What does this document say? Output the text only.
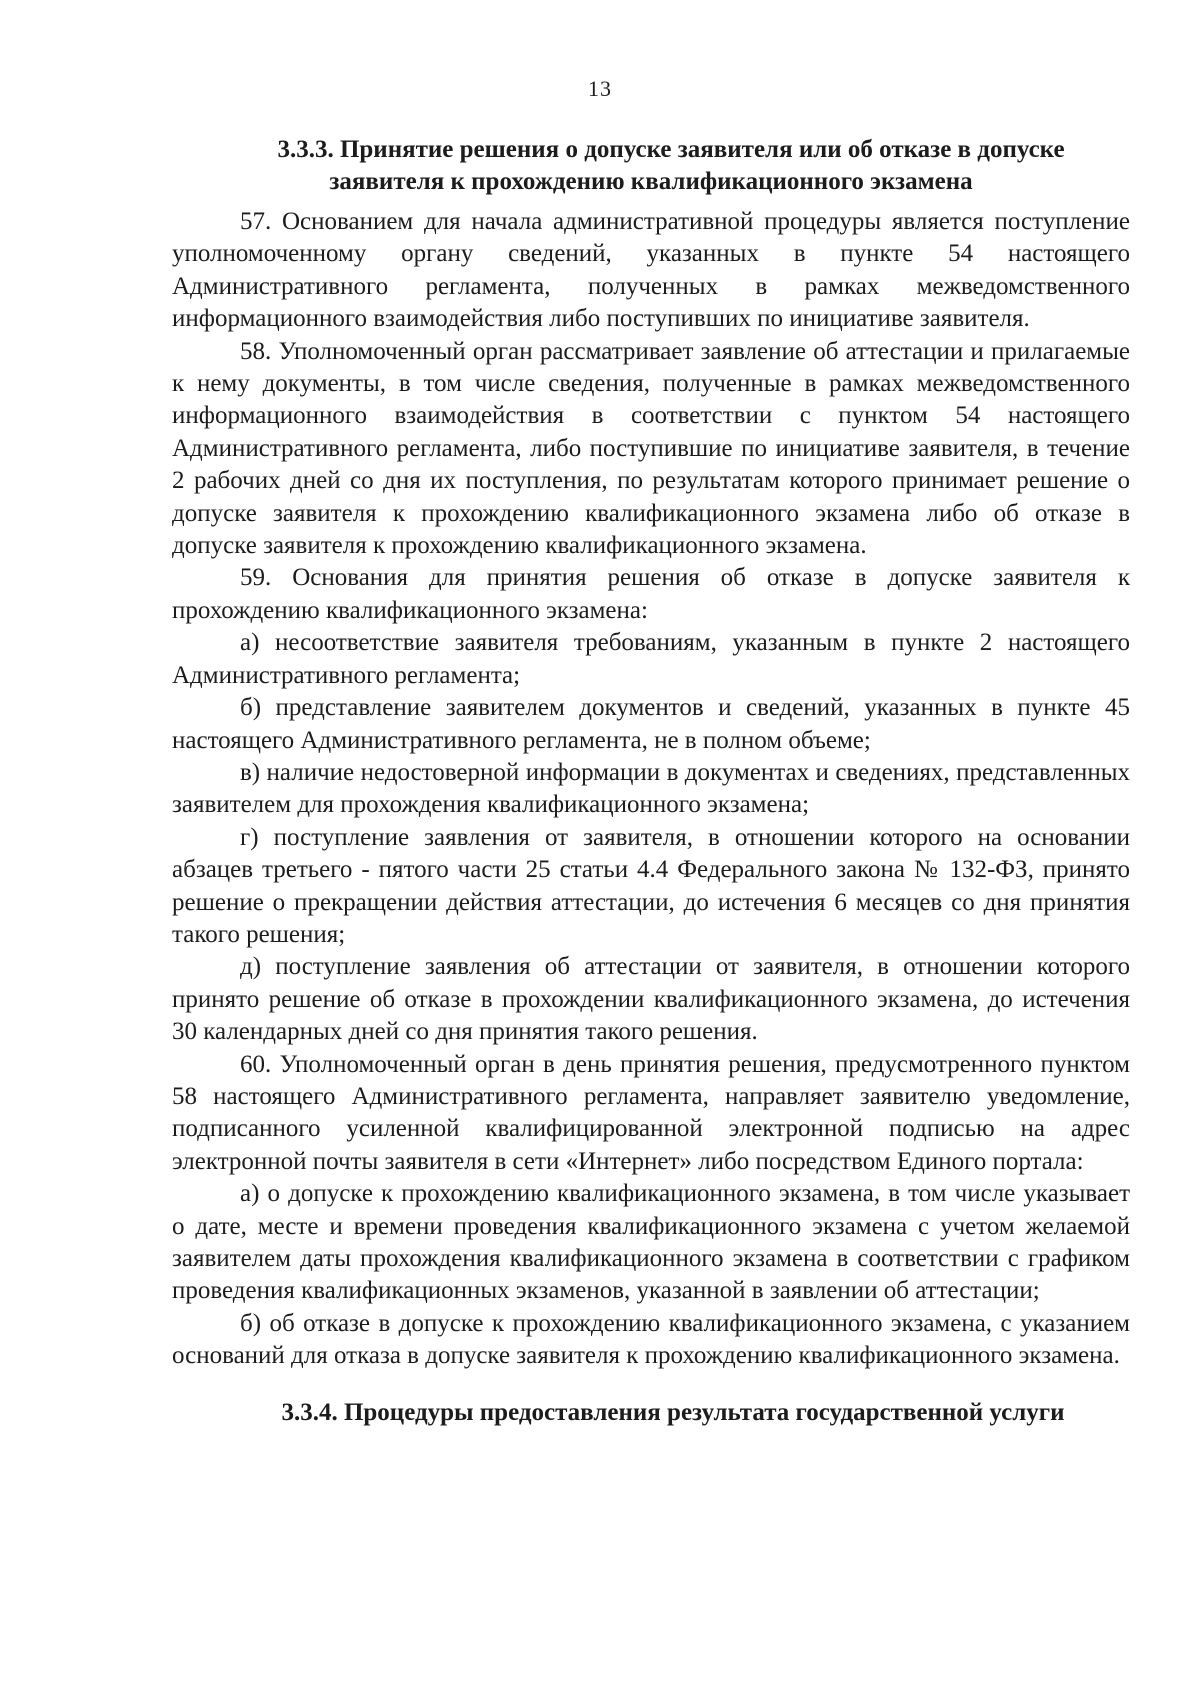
13
3.3.3. Принятие решения о допуске заявителя или об отказе в допуске
заявителя к прохождению квалификационного экзамена

57. Основанием для начала административной процедуры является поступление уполномоченному органу сведений, указанных в пункте 54 настоящего Административного регламента, полученных в рамках межведомственного информационного взаимодействия либо поступивших по инициативе заявителя.

58. Уполномоченный орган рассматривает заявление об аттестации и прилагаемые к нему документы, в том числе сведения, полученные в рамках межведомственного информационного взаимодействия в соответствии с пунктом 54 настоящего Административного регламента, либо поступившие по инициативе заявителя, в течение 2 рабочих дней со дня их поступления, по результатам которого принимает решение о допуске заявителя к прохождению квалификационного экзамена либо об отказе в допуске заявителя к прохождению квалификационного экзамена.

59. Основания для принятия решения об отказе в допуске заявителя к прохождению квалификационного экзамена:

а) несоответствие заявителя требованиям, указанным в пункте 2 настоящего Административного регламента;

б) представление заявителем документов и сведений, указанных в пункте 45 настоящего Административного регламента, не в полном объеме;

в) наличие недостоверной информации в документах и сведениях, представленных заявителем для прохождения квалификационного экзамена;

г) поступление заявления от заявителя, в отношении которого на основании абзацев третьего - пятого части 25 статьи 4.4 Федерального закона № 132-ФЗ, принято решение о прекращении действия аттестации, до истечения 6 месяцев со дня принятия такого решения;

д) поступление заявления об аттестации от заявителя, в отношении которого принято решение об отказе в прохождении квалификационного экзамена, до истечения 30 календарных дней со дня принятия такого решения.

60. Уполномоченный орган в день принятия решения, предусмотренного пунктом 58 настоящего Административного регламента, направляет заявителю уведомление, подписанного усиленной квалифицированной электронной подписью на адрес электронной почты заявителя в сети «Интернет» либо посредством Единого портала:

а) о допуске к прохождению квалификационного экзамена, в том числе указывает о дате, месте и времени проведения квалификационного экзамена с учетом желаемой заявителем даты прохождения квалификационного экзамена в соответствии с графиком проведения квалификационных экзаменов, указанной в заявлении об аттестации;

б) об отказе в допуске к прохождению квалификационного экзамена, с указанием оснований для отказа в допуске заявителя к прохождению квалификационного экзамена.

3.3.4. Процедуры предоставления результата государственной услуги
